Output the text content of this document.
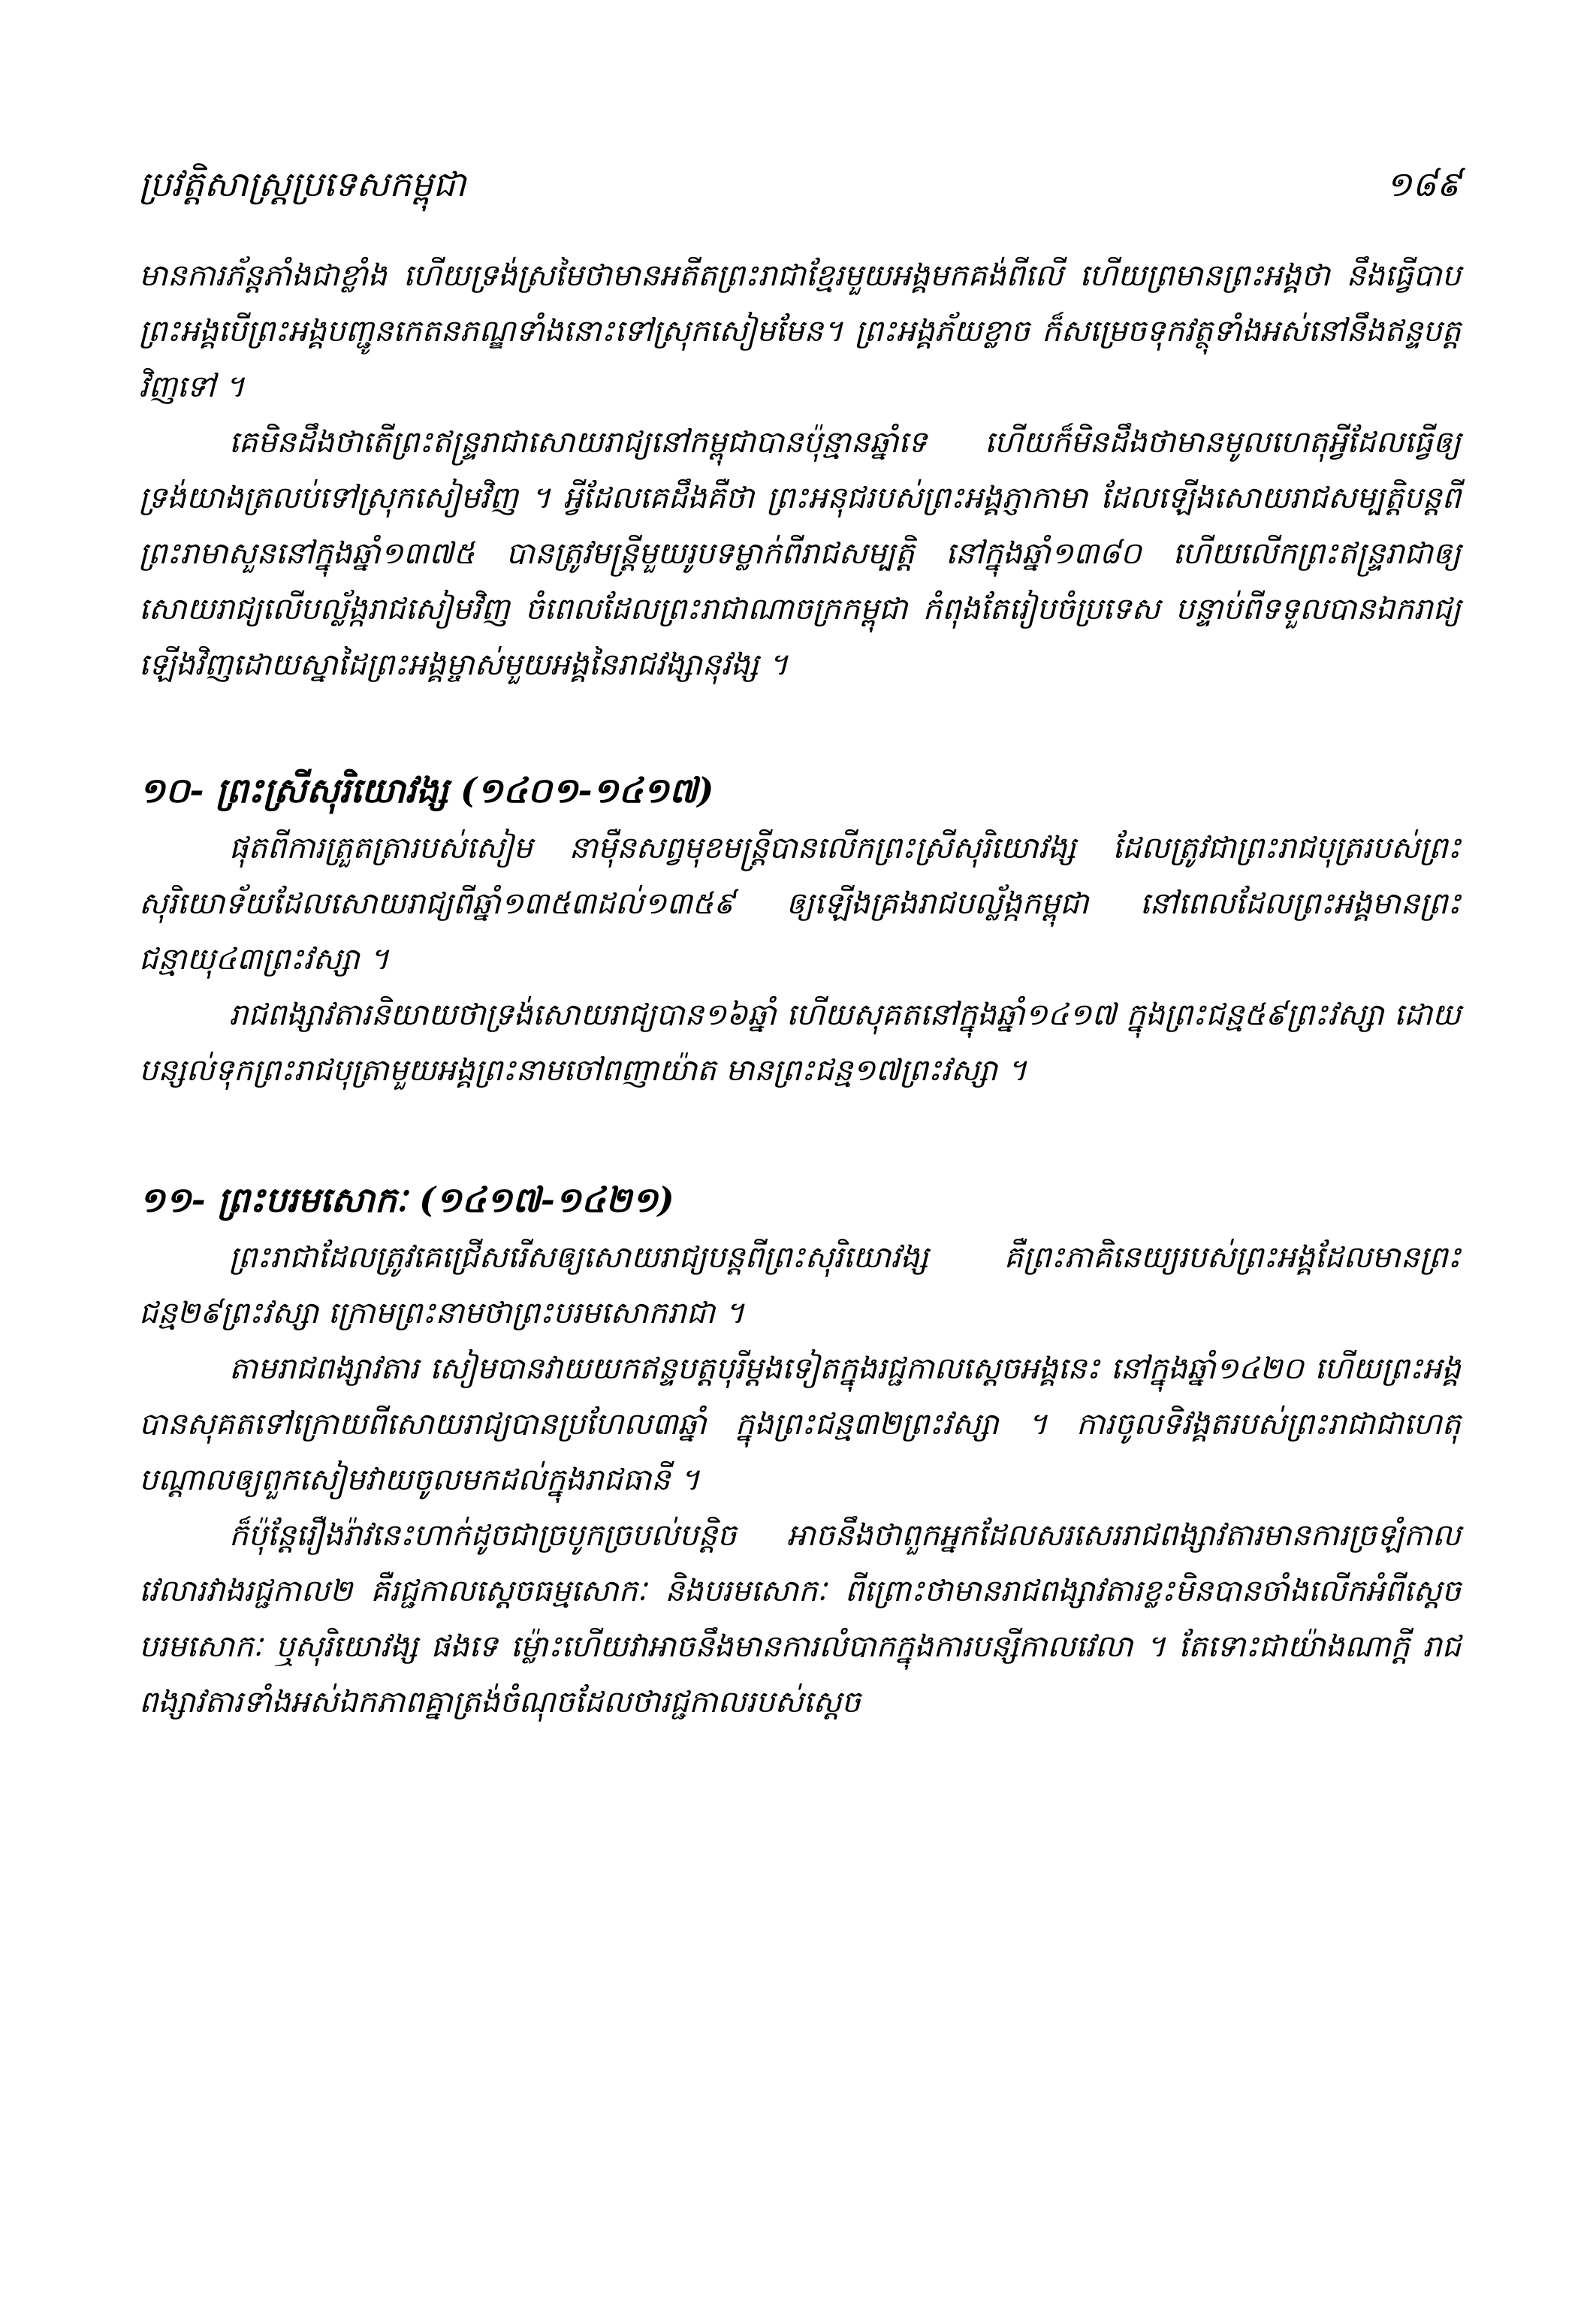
ប្រវត្តិសាស្ត្រប្រទេសកម្ពុជា	១៨៩

មានការភ័ន្តភាំងជាខ្លាំង ហើយទ្រង់ស្រមៃថាមានអតីតព្រះរាជាខ្មែរមួយអង្គមកគង់ពីលើ ហើយព្រមានព្រះអង្គថា នឹងធ្វើបាបព្រះអង្គបើព្រះអង្គបញ្ជូនកេតនភណ្ឌទាំងនោះទៅស្រុកសៀមមែន។ ព្រះអង្គភ័យខ្លាច ក៏សម្រេចទុកវត្ថុទាំងអស់នៅនឹងឥន្ទបត្តវិញទៅ ។

គេមិនដឹងថាតើព្រះឥន្ទ្ររាជាសោយរាជ្យនៅកម្ពុជាបានប៉ុន្មានឆ្នាំទេ ហើយក៏មិនដឹងថាមានមូលហេតុអ្វីដែលធ្វើឲ្យទ្រង់យាងត្រលប់ទៅស្រុកសៀមវិញ ។ អ្វីដែលគេដឹងគឺថា ព្រះអនុជរបស់ព្រះអង្គភ្ញាកាមា ដែលឡើងសោយរាជសម្បត្តិបន្តពីព្រះរាមាសួននៅក្នុងឆ្នាំ១៣៧៥ បានត្រូវមន្ត្រីមួយរូបទម្លាក់ពីរាជសម្បត្តិ នៅក្នុងឆ្នាំ១៣៨០ ហើយលើកព្រះឥន្ទ្ររាជាឲ្យសោយរាជ្យលើបល្ល័ង្ករាជសៀមវិញ ចំពេលដែលព្រះរាជាណាចក្រកម្ពុជា កំពុងតែរៀបចំប្រទេស បន្ទាប់ពីទទួលបានឯករាជ្យឡើងវិញដោយស្នាដៃព្រះអង្គម្ចាស់មួយអង្គនៃរាជវង្សានុវង្ស ។

១០- ព្រះស្រីសុរិយោវង្ស (១៤០១-១៤១៧)

ផុតពីការត្រួតត្រារបស់សៀម នាម៉ឺនសព្វមុខមន្ត្រីបានលើកព្រះស្រីសុរិយោវង្ស ដែលត្រូវជាព្រះរាជបុត្ររបស់ព្រះសុរិយោទ័យដែលសោយរាជ្យពីឆ្នាំ១៣៥៣ដល់១៣៥៩ ឲ្យឡើងគ្រងរាជបល្ល័ង្កកម្ពុជា នៅពេលដែលព្រះអង្គមានព្រះជន្មាយុ៤៣ព្រះវស្សា ។

រាជពង្សាវតារនិយាយថាទ្រង់សោយរាជ្យបាន១៦ឆ្នាំ ហើយសុគតនៅក្នុងឆ្នាំ១៤១៧ ក្នុងព្រះជន្ម៥៩ព្រះវស្សា ដោយបន្សល់ទុកព្រះរាជបុត្រាមួយអង្គព្រះនាមចៅពញាយ៉ាត មានព្រះជន្ម១៧ព្រះវស្សា ។

១១- ព្រះបរមសោកៈ (១៤១៧-១៤២១)

ព្រះរាជាដែលត្រូវគេជ្រើសរើសឲ្យសោយរាជ្យបន្តពីព្រះសុរិយោវង្ស គឺព្រះភាគិនេយ្យរបស់ព្រះអង្គដែលមានព្រះជន្ម២៩ព្រះវស្សា ក្រោមព្រះនាមថាព្រះបរមសោករាជា ។

តាមរាជពង្សាវតារ សៀមបានវាយយកឥន្ទបត្តបុរីម្តងទៀតក្នុងរជ្ជកាលស្តេចអង្គនេះ នៅក្នុងឆ្នាំ១៤២០ ហើយព្រះអង្គបានសុគតទៅក្រោយពីសោយរាជ្យបានប្រហែល៣ឆ្នាំ ក្នុងព្រះជន្ម៣២ព្រះវស្សា ។ ការចូលទិវង្គតរបស់ព្រះរាជាជាហេតុបណ្តាលឲ្យពួកសៀមវាយចូលមកដល់ក្នុងរាជធានី ។

ក៏ប៉ុន្តែរឿងរ៉ាវនេះហាក់ដូចជាច្របូកច្របល់បន្តិច អាចនឹងថាពួកអ្នកដែលសរសេររាជពង្សាវតារមានការច្រឡំកាលវេលារវាងរជ្ជកាល២ គឺរជ្ជកាលស្តេចធម្មសោកៈ និងបរមសោកៈ ពីព្រោះថាមានរាជពង្សាវតារខ្លះមិនបានចាំងលើកអំពីស្តេចបរមសោកៈ ឬសុរិយោវង្ស ផងទេ ម៉្លោះហើយវាអាចនឹងមានការលំបាកក្នុងការបន្សីកាលវេលា ។ តែទោះជាយ៉ាងណាក្តី រាជពង្សាវតារទាំងអស់ឯកភាពគ្នាត្រង់ចំណុចដែលថារជ្ជកាលរបស់ស្តេច
